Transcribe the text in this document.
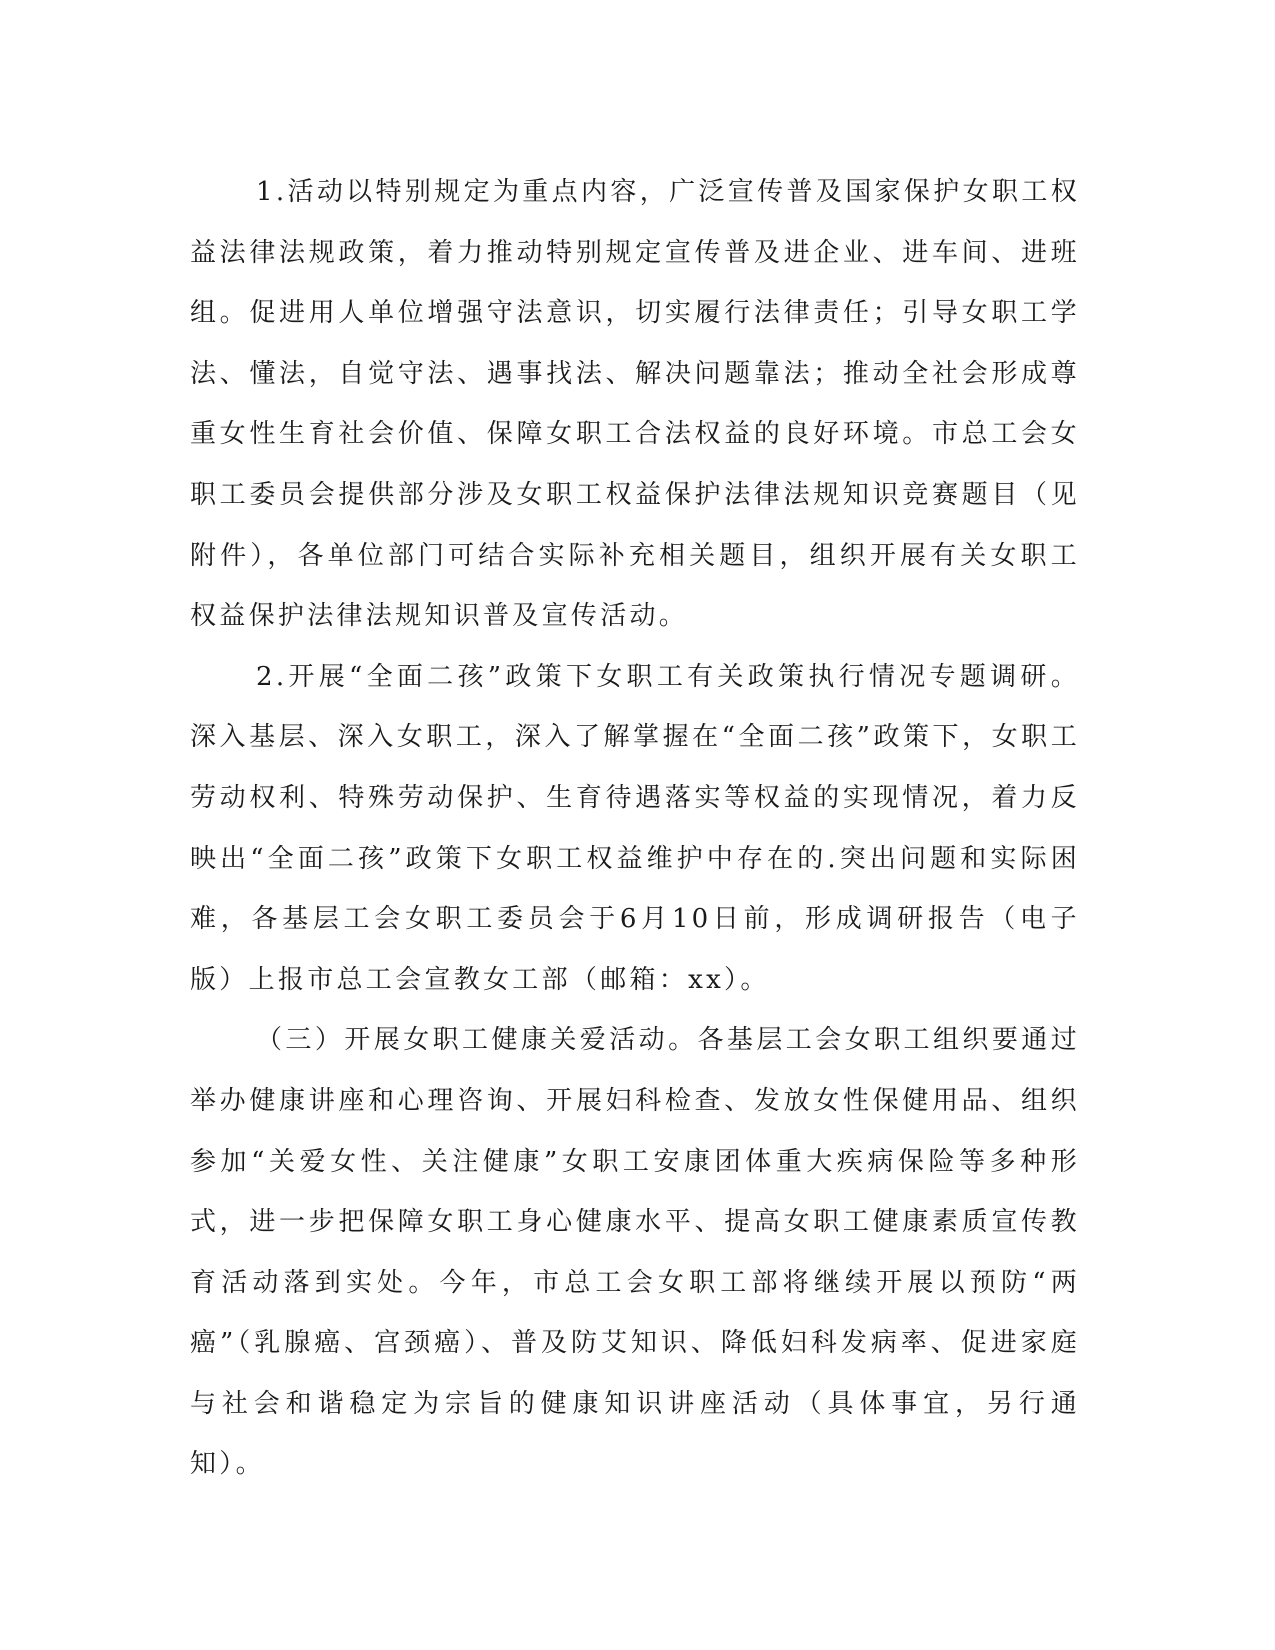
1.活动以特别规定为重点内容，广泛宣传普及国家保护女职工权益法律法规政策，着力推动特别规定宣传普及进企业、进车间、进班组。促进用人单位增强守法意识，切实履行法律责任；引导女职工学法、懂法，自觉守法、遇事找法、解决问题靠法；推动全社会形成尊重女性生育社会价值、保障女职工合法权益的良好环境。市总工会女职工委员会提供部分涉及女职工权益保护法律法规知识竞赛题目（见附件），各单位部门可结合实际补充相关题目，组织开展有关女职工权益保护法律法规知识普及宣传活动。

2.开展“全面二孩”政策下女职工有关政策执行情况专题调研。深入基层、深入女职工，深入了解掌握在“全面二孩”政策下，女职工劳动权利、特殊劳动保护、生育待遇落实等权益的实现情况，着力反映出“全面二孩”政策下女职工权益维护中存在的.突出问题和实际困难，各基层工会女职工委员会于6月10日前，形成调研报告（电子版）上报市总工会宣教女工部（邮箱：xx）。

（三）开展女职工健康关爱活动。各基层工会女职工组织要通过举办健康讲座和心理咨询、开展妇科检查、发放女性保健用品、组织参加“关爱女性、关注健康”女职工安康团体重大疾病保险等多种形式，进一步把保障女职工身心健康水平、提高女职工健康素质宣传教育活动落到实处。今年，市总工会女职工部将继续开展以预防“两癌”（乳腺癌、宫颈癌）、普及防艾知识、降低妇科发病率、促进家庭与社会和谐稳定为宗旨的健康知识讲座活动（具体事宜，另行通知）。
